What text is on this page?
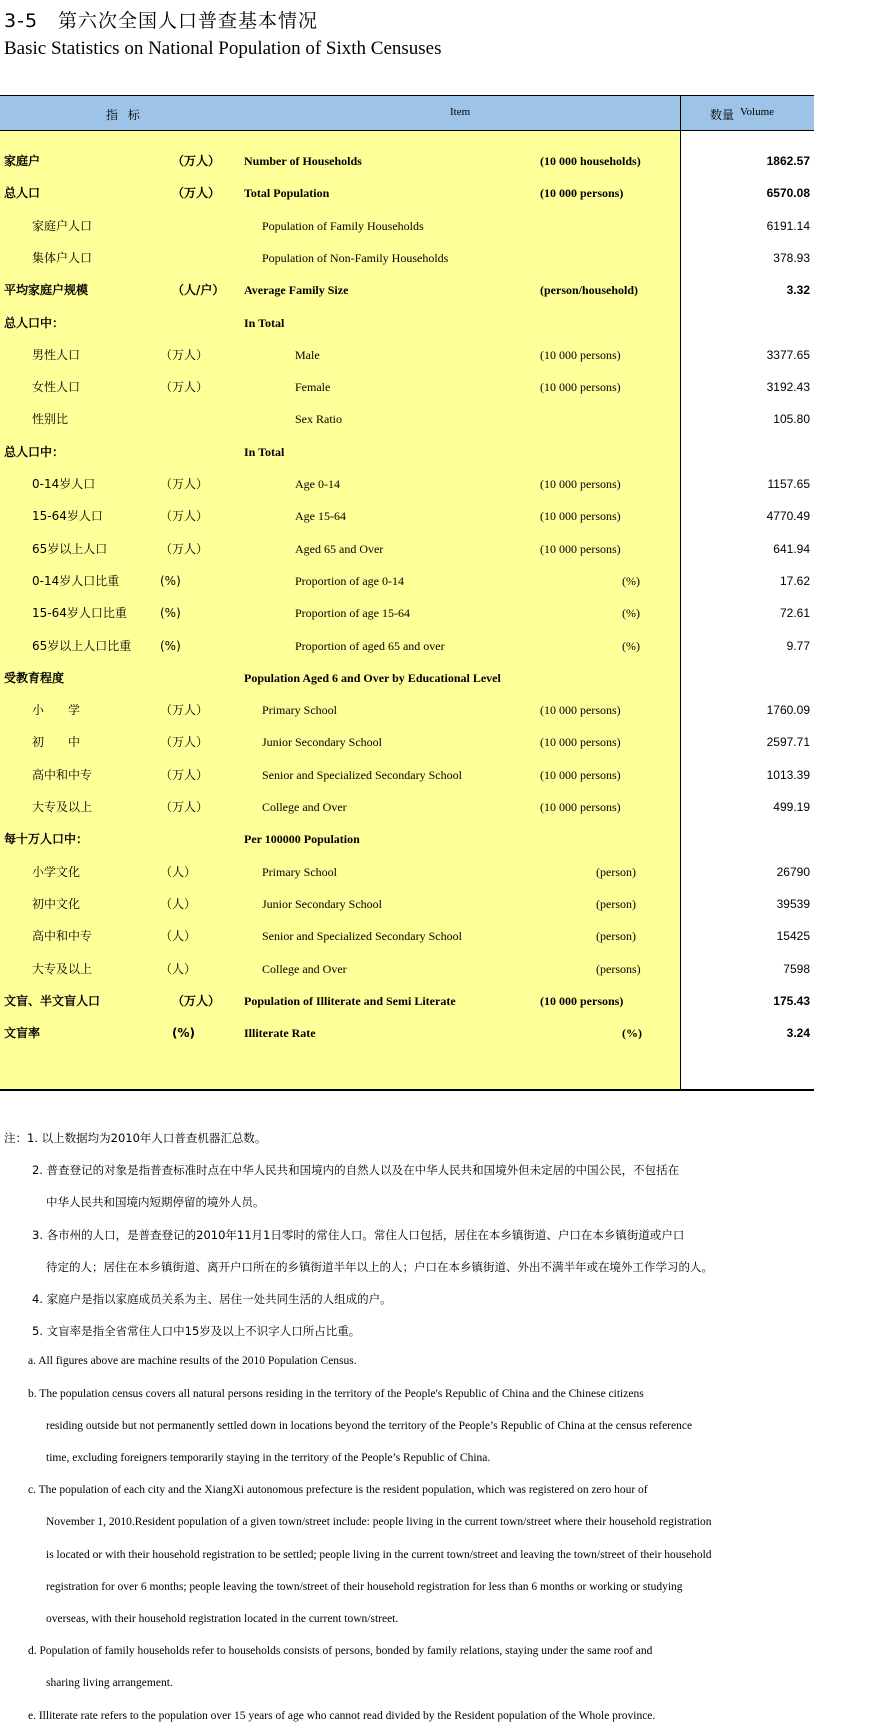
3-5　第六次全国人口普查基本情况
Basic Statistics on National Population of Sixth Censuses
指 标	Item	数量 Volume
家庭户	（万人） Number of Households	(10 000 households)	1862.57
总人口	（万人） Total Population	(10 000 persons)	6570.08
家庭户人口	Population of Family Households	6191.14
集体户人口	Population of Non-Family Households	378.93
平均家庭户规模	（人/户） Average Family Size	(person/household)	3.32
总人口中：	In Total
男性人口	（万人）	Male	(10 000 persons)	3377.65
女性人口	（万人）	Female	(10 000 persons)	3192.43
性别比	Sex Ratio	105.80
总人口中：	In Total
0-14岁人口	（万人）	Age 0-14	(10 000 persons)	1157.65
15-64岁人口	（万人）	Age 15-64	(10 000 persons)	4770.49
65岁以上人口	（万人）	Aged 65 and Over	(10 000 persons)	641.94
0-14岁人口比重	(%)	Proportion of age 0-14	(%)	17.62
15-64岁人口比重	(%)	Proportion of age 15-64	(%)	72.61
65岁以上人口比重 (%)	Proportion of aged 65 and over	(%)	9.77
受教育程度	Population Aged 6 and Over by Educational Level
小　　学	（万人）	Primary School	(10 000 persons)	1760.09
初　　中	（万人）	Junior Secondary School	(10 000 persons)	2597.71
高中和中专	（万人）	Senior and Specialized Secondary School	(10 000 persons)	1013.39
大专及以上	（万人）	College and Over	(10 000 persons)	499.19
每十万人口中：	Per 100000 Population
小学文化	（人）	Primary School	(person)	26790
初中文化	（人）	Junior Secondary School	(person)	39539
高中和中专	（人）	Senior and Specialized Secondary School	(person)	15425
大专及以上	（人）	College and Over	(persons)	7598
文盲、半文盲人口	（万人） Population of Illiterate and Semi Literate	(10 000 persons)	175.43
文盲率	(%)	Illiterate Rate	(%)	3.24
注：1. 以上数据均为2010年人口普查机器汇总数。
2. 普查登记的对象是指普查标准时点在中华人民共和国境内的自然人以及在中华人民共和国境外但未定居的中国公民，不包括在
中华人民共和国境内短期停留的境外人员。
3. 各市州的人口，是普查登记的2010年11月1日零时的常住人口。常住人口包括，居住在本乡镇街道、户口在本乡镇街道或户口
待定的人；居住在本乡镇街道、离开户口所在的乡镇街道半年以上的人；户口在本乡镇街道、外出不满半年或在境外工作学习的人。
4. 家庭户是指以家庭成员关系为主、居住一处共同生活的人组成的户。
5. 文盲率是指全省常住人口中15岁及以上不识字人口所占比重。
a. All figures above are machine results of the 2010 Population Census.
b. The population census covers all natural persons residing in the territory of the People's Republic of China and the Chinese citizens
residing outside but not permanently settled down in locations beyond the territory of the People’s Republic of China at the census reference
time, excluding foreigners temporarily staying in the territory of the People’s Republic of China.
c. The population of each city and the XiangXi autonomous prefecture is the resident population, which was registered on zero hour of
November 1, 2010.Resident population of a given town/street include: people living in the current town/street where their household registration
is located or with their household registration to be settled; people living in the current town/street and leaving the town/street of their household
registration for over 6 months; people leaving the town/street of their household registration for less than 6 months or working or studying
overseas, with their household registration located in the current town/street.
d. Population of family households refer to households consists of persons, bonded by family relations, staying under the same roof and
sharing living arrangement.
e. Illiterate rate refers to the population over 15 years of age who cannot read divided by the Resident population of the Whole province.
